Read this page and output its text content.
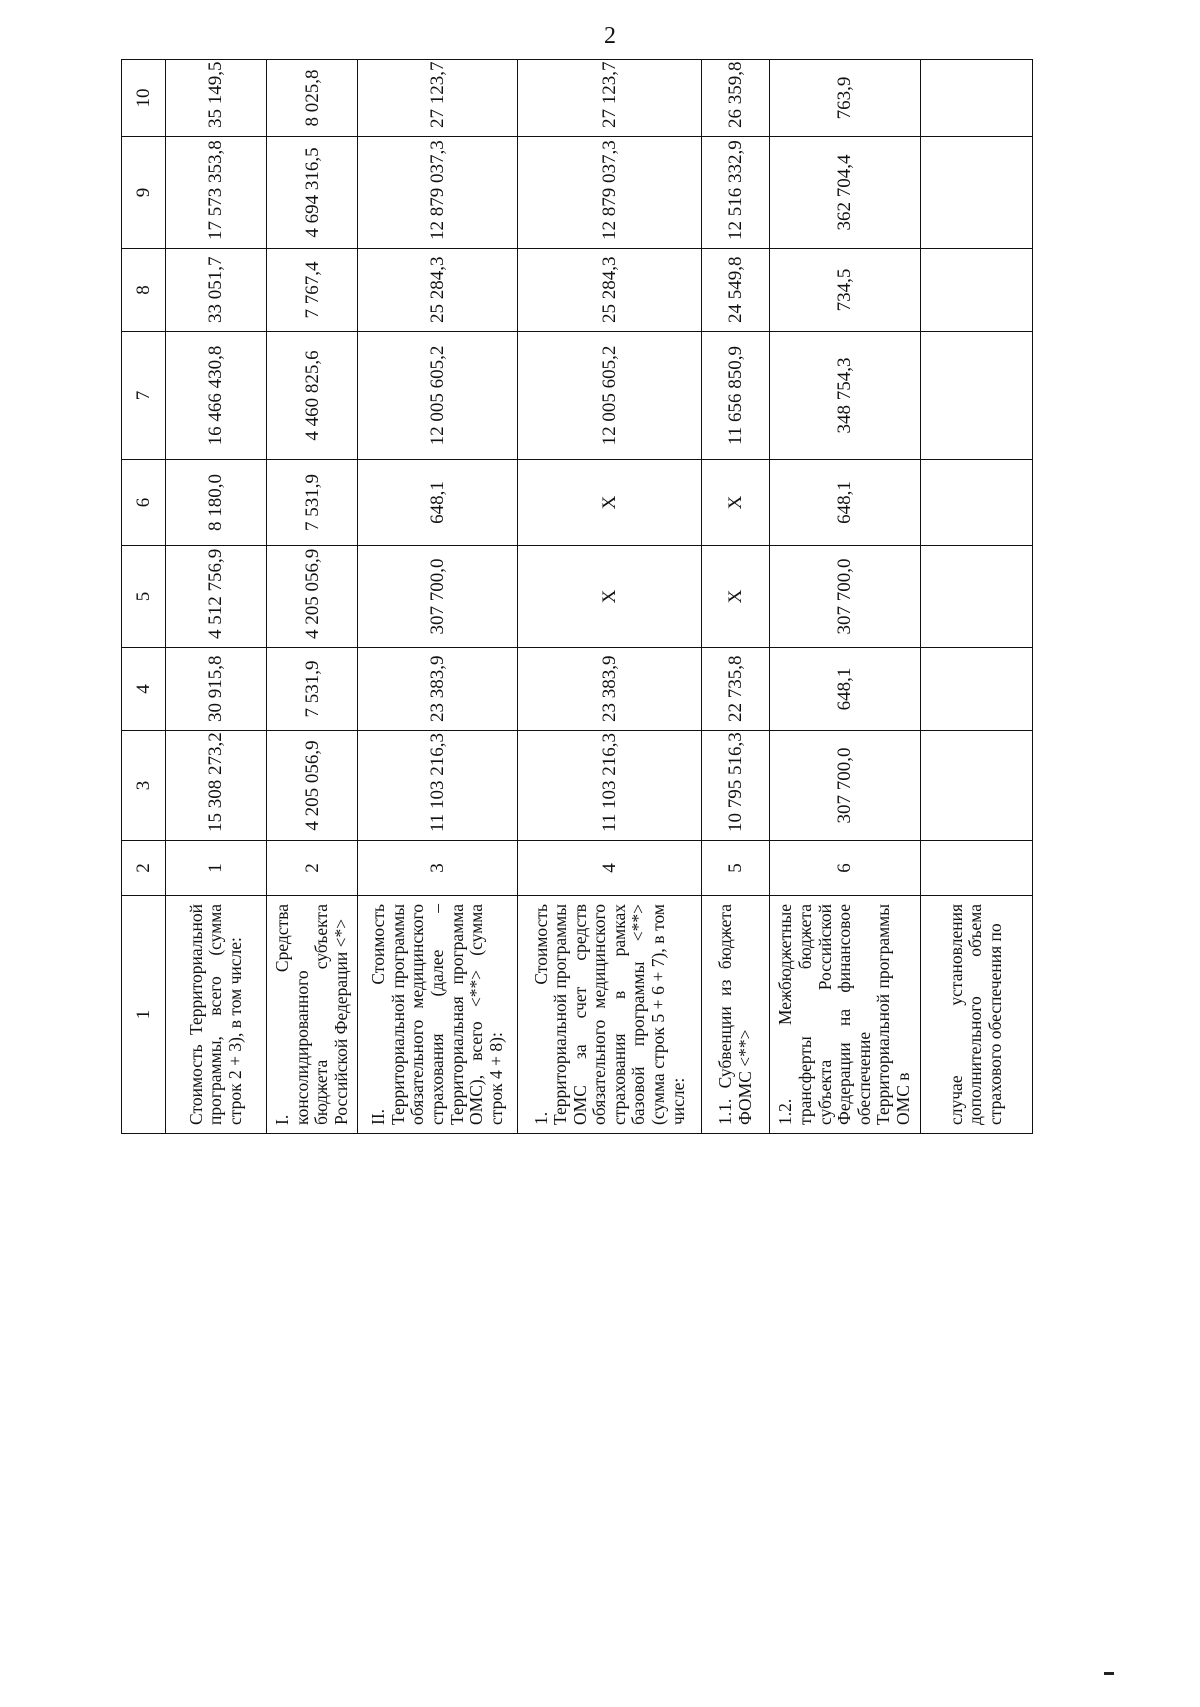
2
1	2	3	4	5	6	7	8	9	10
Стоимость Территориальной программы, всего (сумма строк 2 + 3), в том числе:	1	15 308 273,2	30 915,8	4 512 756,9	8 180,0	16 466 430,8	33 051,7	17 573 353,8	35 149,5
I. Средства консолидированного бюджета субъекта Российской Федерации <*>	2	4 205 056,9	7 531,9	4 205 056,9	7 531,9	4 460 825,6	7 767,4	4 694 316,5	8 025,8
II. Стоимость Территориальной программы обязательного медицинского страхования (далее – Территориальная программа ОМС), всего <**> (сумма строк 4 + 8):	3	11 103 216,3	23 383,9	307 700,0	648,1	12 005 605,2	25 284,3	12 879 037,3	27 123,7
1. Стоимость Территориальной программы ОМС за счет средств обязательного медицинского страхования в рамках базовой программы <**> (сумма строк 5 + 6 + 7), в том числе:	4	11 103 216,3	23 383,9	X	X	12 005 605,2	25 284,3	12 879 037,3	27 123,7
1.1. Субвенции из бюджета ФОМС <**>	5	10 795 516,3	22 735,8	X	X	11 656 850,9	24 549,8	12 516 332,9	26 359,8
1.2. Межбюджетные трансферты бюджета субъекта Российской Федерации на финансовое обеспечение Территориальной программы ОМС в	6	307 700,0	648,1	307 700,0	648,1	348 754,3	734,5	362 704,4	763,9
случае установления дополнительного объема страхового обеспечения по									
